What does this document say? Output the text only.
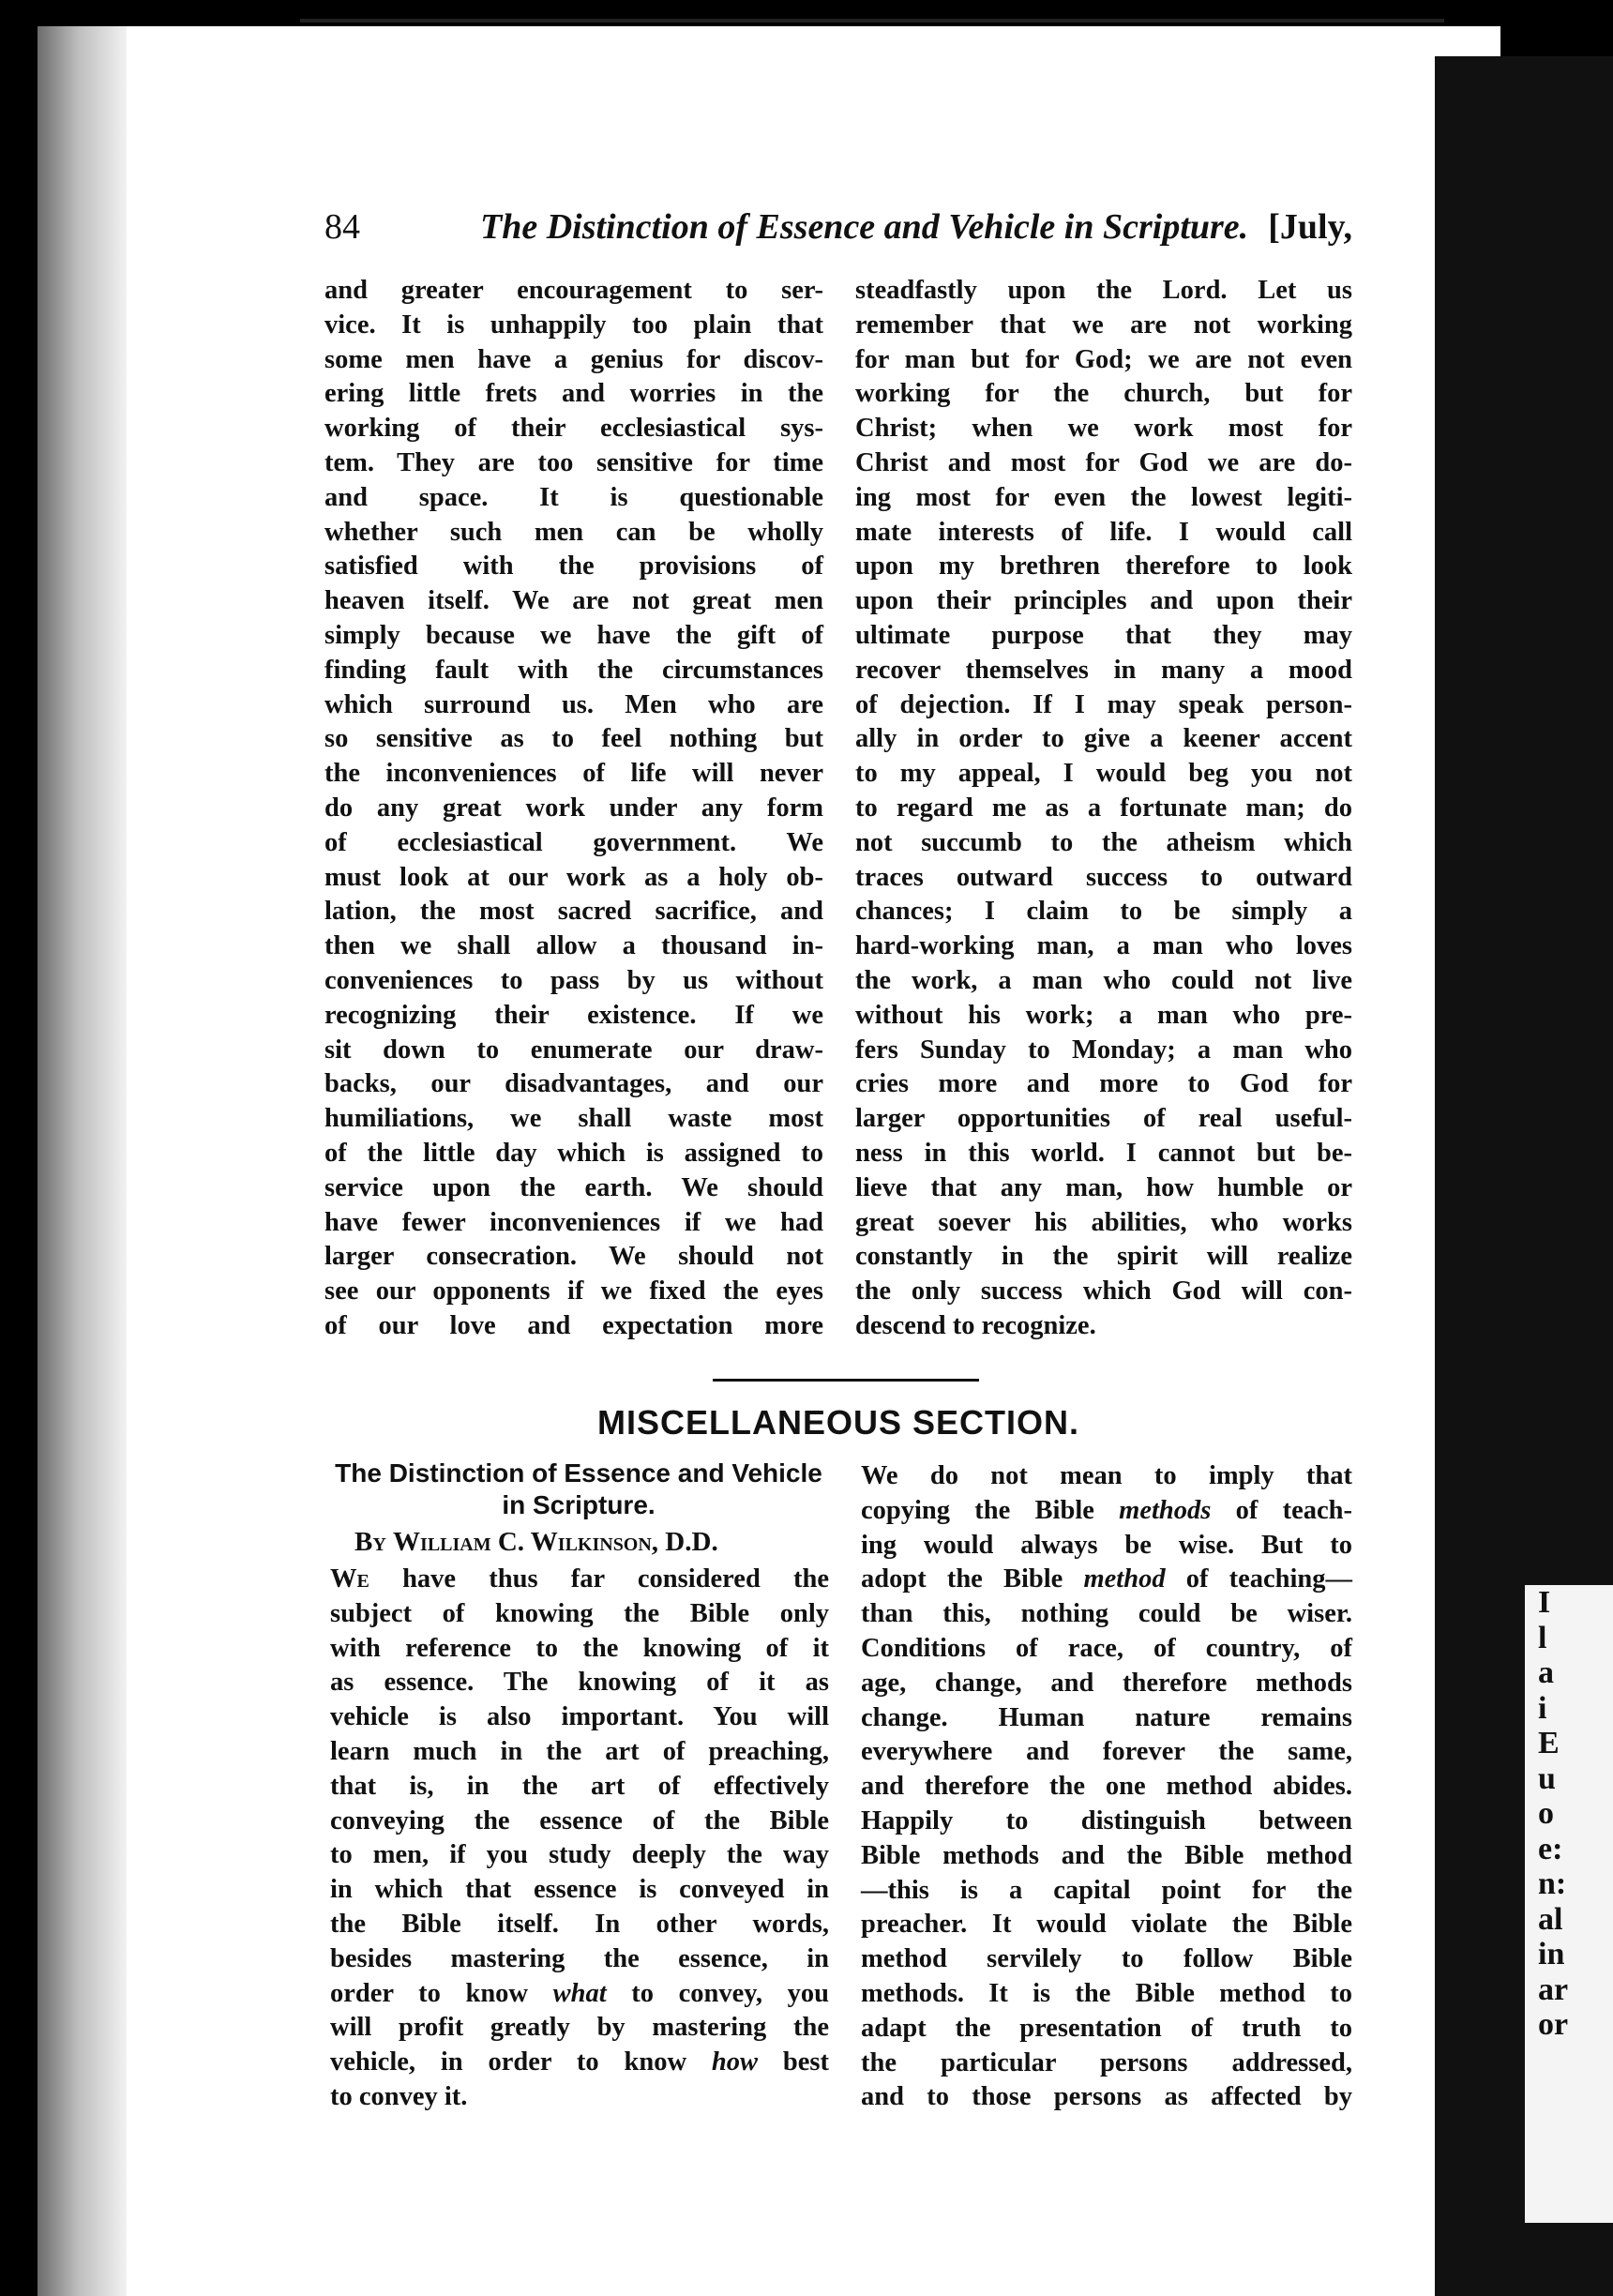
I
l
a
i
E
u
o
e:
n:
al
in
ar
or
84	The Distinction of Essence and Vehicle in Scripture. [July,
and greater encouragement to ser-
vice. It is unhappily too plain that
some men have a genius for discov-
ering little frets and worries in the
working of their ecclesiastical sys-
tem. They are too sensitive for time
and space. It is questionable
whether such men can be wholly
satisfied with the provisions of
heaven itself. We are not great men
simply because we have the gift of
finding fault with the circumstances
which surround us. Men who are
so sensitive as to feel nothing but
the inconveniences of life will never
do any great work under any form
of ecclesiastical government. We
must look at our work as a holy ob-
lation, the most sacred sacrifice, and
then we shall allow a thousand in-
conveniences to pass by us without
recognizing their existence. If we
sit down to enumerate our draw-
backs, our disadvantages, and our
humiliations, we shall waste most
of the little day which is assigned to
service upon the earth. We should
have fewer inconveniences if we had
larger consecration. We should not
see our opponents if we fixed the eyes
of our love and expectation more
steadfastly upon the Lord. Let us
remember that we are not working
for man but for God; we are not even
working for the church, but for
Christ; when we work most for
Christ and most for God we are do-
ing most for even the lowest legiti-
mate interests of life. I would call
upon my brethren therefore to look
upon their principles and upon their
ultimate purpose that they may
recover themselves in many a mood
of dejection. If I may speak person-
ally in order to give a keener accent
to my appeal, I would beg you not
to regard me as a fortunate man; do
not succumb to the atheism which
traces outward success to outward
chances; I claim to be simply a
hard-working man, a man who loves
the work, a man who could not live
without his work; a man who pre-
fers Sunday to Monday; a man who
cries more and more to God for
larger opportunities of real useful-
ness in this world. I cannot but be-
lieve that any man, how humble or
great soever his abilities, who works
constantly in the spirit will realize
the only success which God will con-
descend to recognize.
MISCELLANEOUS SECTION.
The Distinction of Essence and Vehicle
in Scripture.
By William C. Wilkinson, D.D.
We have thus far considered the
subject of knowing the Bible only
with reference to the knowing of it
as essence. The knowing of it as
vehicle is also important. You will
learn much in the art of preaching,
that is, in the art of effectively
conveying the essence of the Bible
to men, if you study deeply the way
in which that essence is conveyed in
the Bible itself. In other words,
besides mastering the essence, in
order to know what to convey, you
will profit greatly by mastering the
vehicle, in order to know how best
to convey it.
We do not mean to imply that
copying the Bible methods of teach-
ing would always be wise. But to
adopt the Bible method of teaching—
than this, nothing could be wiser.
Conditions of race, of country, of
age, change, and therefore methods
change. Human nature remains
everywhere and forever the same,
and therefore the one method abides.
Happily to distinguish between
Bible methods and the Bible method
—this is a capital point for the
preacher. It would violate the Bible
method servilely to follow Bible
methods. It is the Bible method to
adapt the presentation of truth to
the particular persons addressed,
and to those persons as affected by
